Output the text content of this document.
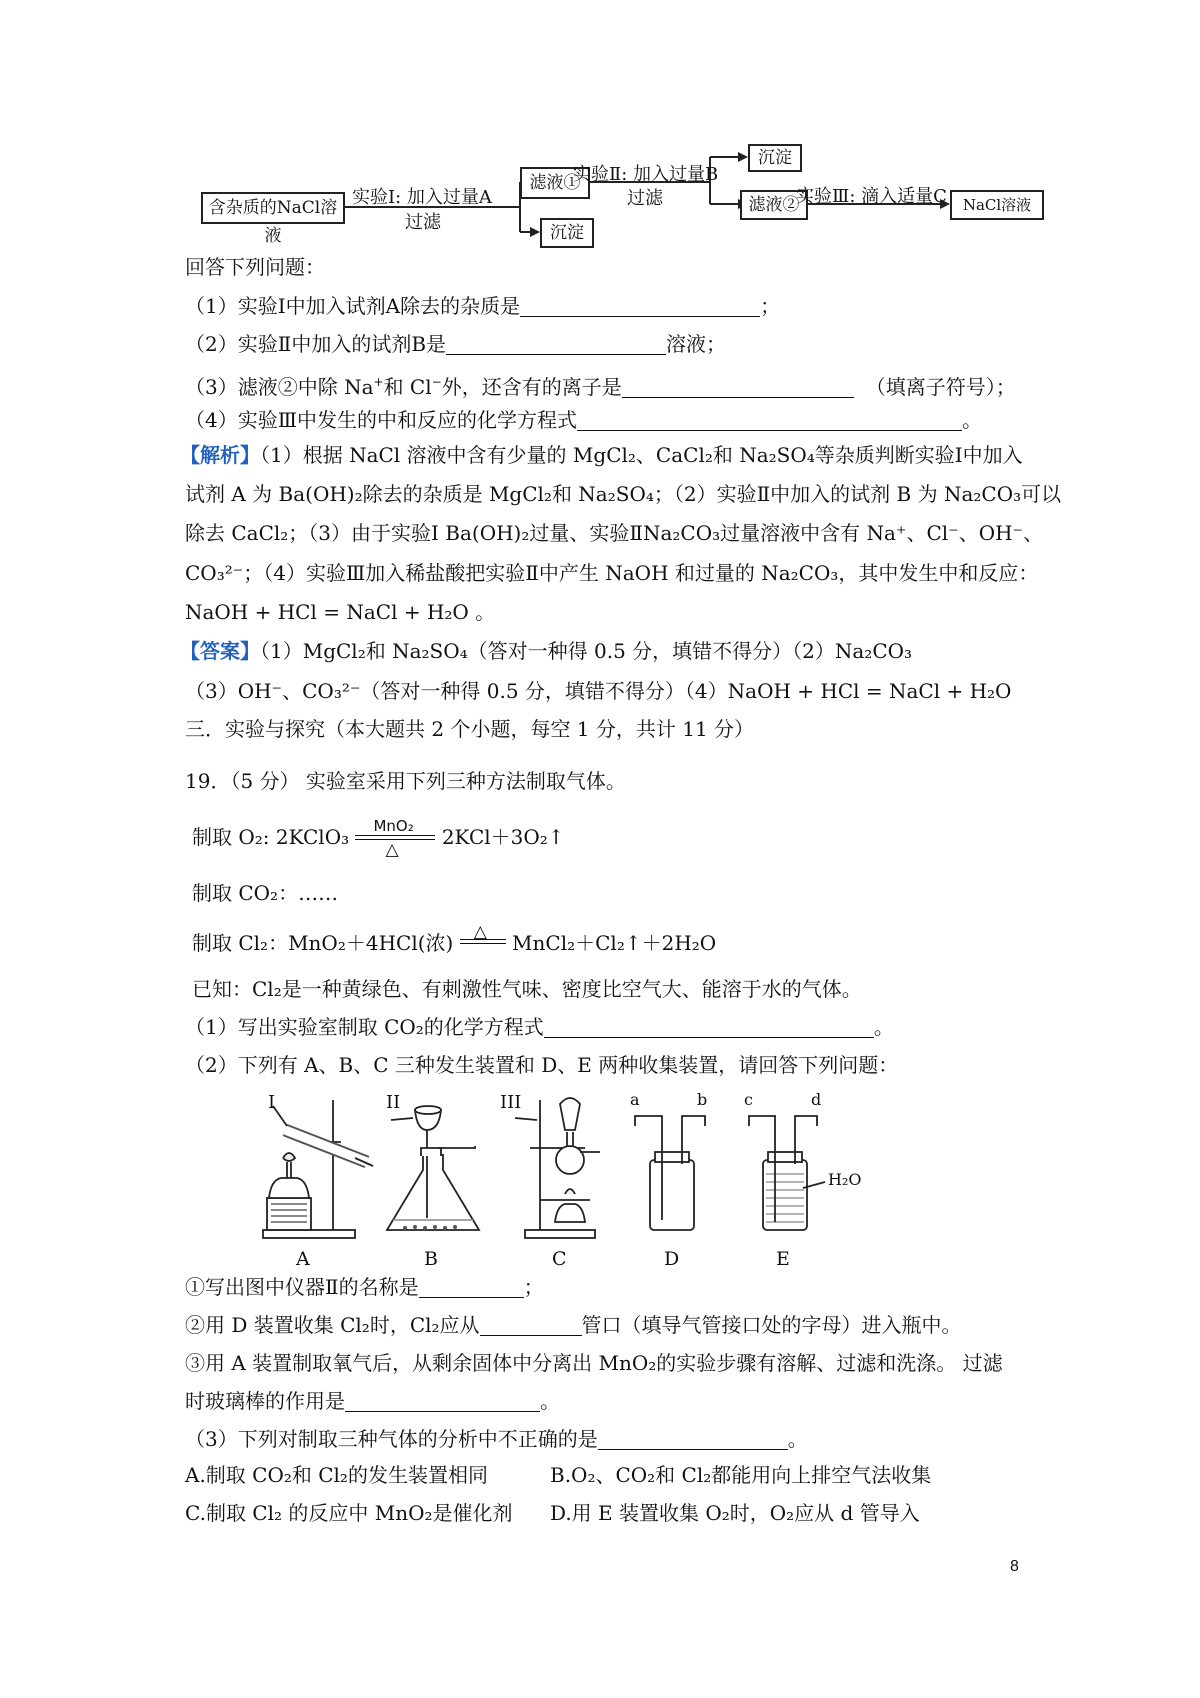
含杂质的NaCl溶液
实验Ⅰ: 加入过量A
过滤
滤液①
沉淀
实验Ⅱ: 加入过量B
过滤
沉淀
滤液②
实验Ⅲ: 滴入适量C	NaCl溶液
回答下列问题：
（1）实验Ⅰ中加入试剂A除去的杂质是	；
（2）实验Ⅱ中加入的试剂B是	溶液；
（3）滤液②中除 Na+和 Cl−外，还含有的离子是	（填离子符号）；
（4）实验Ⅲ中发生的中和反应的化学方程式	。
【解析】（1）根据 NaCl 溶液中含有少量的 MgCl₂、CaCl₂和 Na₂SO₄等杂质判断实验Ⅰ中加入
试剂 A 为 Ba(OH)₂除去的杂质是 MgCl₂和 Na₂SO₄；（2）实验Ⅱ中加入的试剂 B 为 Na₂CO₃可以
除去 CaCl₂；（3）由于实验Ⅰ Ba(OH)₂过量、实验ⅡNa₂CO₃过量溶液中含有 Na⁺、Cl⁻、OH⁻、
CO₃²⁻；（4）实验Ⅲ加入稀盐酸把实验Ⅱ中产生 NaOH 和过量的 Na₂CO₃，其中发生中和反应：
NaOH + HCl = NaCl + H₂O 。
【答案】（1）MgCl₂和 Na₂SO₄（答对一种得 0.5 分，填错不得分）（2）Na₂CO₃
（3）OH⁻、CO₃²⁻（答对一种得 0.5 分，填错不得分）（4）NaOH + HCl = NaCl + H₂O
三．实验与探究（本大题共 2 个小题，每空 1 分，共计 11 分）
19．（5 分） 实验室采用下列三种方法制取气体。
制取 O₂: 2KClO₃ MnO₂
△
2KCl＋3O₂↑
制取 CO₂：……
制取 Cl₂：MnO₂＋4HCl(浓) △ MnCl₂＋Cl₂↑＋2H₂O
已知：Cl₂是一种黄绿色、有刺激性气味、密度比空气大、能溶于水的气体。
（1）写出实验室制取 CO₂的化学方程式	。
（2）下列有 A、B、C 三种发生装置和 D、E 两种收集装置，请回答下列问题：
I	II	III	a	b c	d
H₂O
A	B	C	D	E
①写出图中仪器Ⅱ的名称是	；
②用 D 装置收集 Cl₂时，Cl₂应从	管口（填导气管接口处的字母）进入瓶中。
③用 A 装置制取氧气后，从剩余固体中分离出 MnO₂的实验步骤有溶解、过滤和洗涤。 过滤
时玻璃棒的作用是	。
（3）下列对制取三种气体的分析中不正确的是	。
A.制取 CO₂和 Cl₂的发生装置相同	B.O₂、CO₂和 Cl₂都能用向上排空气法收集
C.制取 Cl₂ 的反应中 MnO₂是催化剂 D.用 E 装置收集 O₂时，O₂应从 d 管导入
8
